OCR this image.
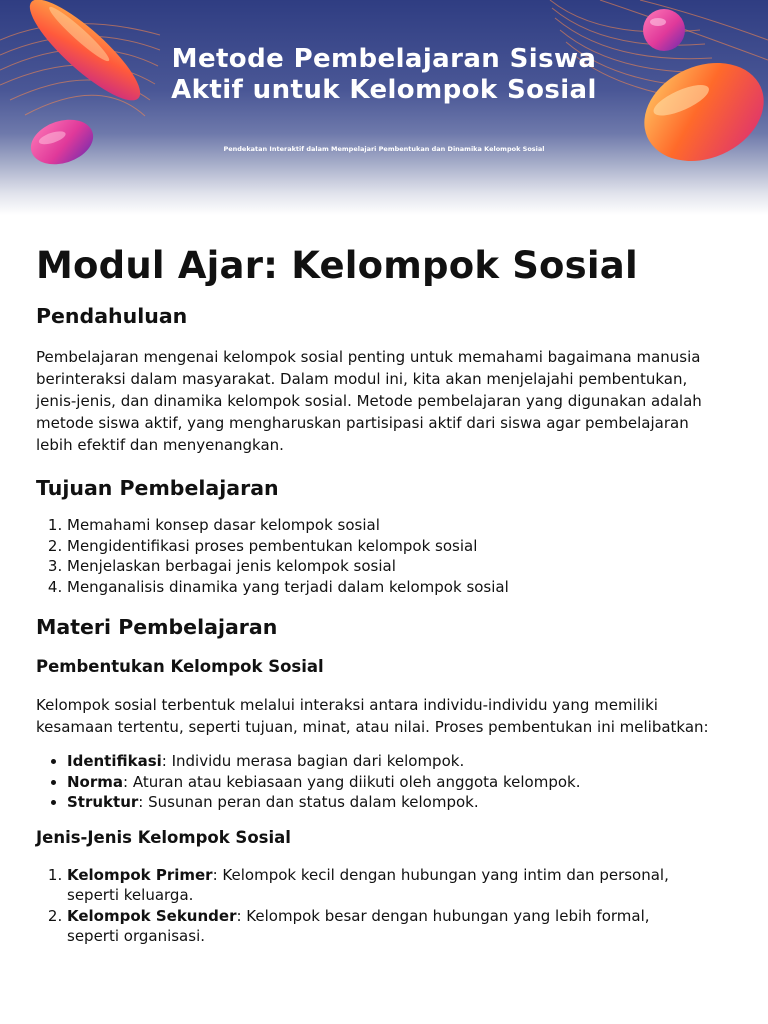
Metode Pembelajaran Siswa Aktif untuk Kelompok Sosial

Pendekatan Interaktif dalam Mempelajari Pembentukan dan Dinamika Kelompok Sosial

Modul Ajar: Kelompok Sosial
Pendahuluan

Pembelajaran mengenai kelompok sosial penting untuk memahami bagaimana manusia berinteraksi dalam masyarakat. Dalam modul ini, kita akan menjelajahi pembentukan, jenis-jenis, dan dinamika kelompok sosial. Metode pembelajaran yang digunakan adalah metode siswa aktif, yang mengharuskan partisipasi aktif dari siswa agar pembelajaran lebih efektif dan menyenangkan.

Tujuan Pembelajaran
1. Memahami konsep dasar kelompok sosial
2. Mengidentifikasi proses pembentukan kelompok sosial
3. Menjelaskan berbagai jenis kelompok sosial
4. Menganalisis dinamika yang terjadi dalam kelompok sosial
Materi Pembelajaran
Pembentukan Kelompok Sosial

Kelompok sosial terbentuk melalui interaksi antara individu-individu yang memiliki kesamaan tertentu, seperti tujuan, minat, atau nilai. Proses pembentukan ini melibatkan:

• Identifikasi: Individu merasa bagian dari kelompok.
• Norma: Aturan atau kebiasaan yang diikuti oleh anggota kelompok.
• Struktur: Susunan peran dan status dalam kelompok.
Jenis-Jenis Kelompok Sosial
1. Kelompok Primer: Kelompok kecil dengan hubungan yang intim dan personal, seperti keluarga.
2. Kelompok Sekunder: Kelompok besar dengan hubungan yang lebih formal, seperti organisasi.
